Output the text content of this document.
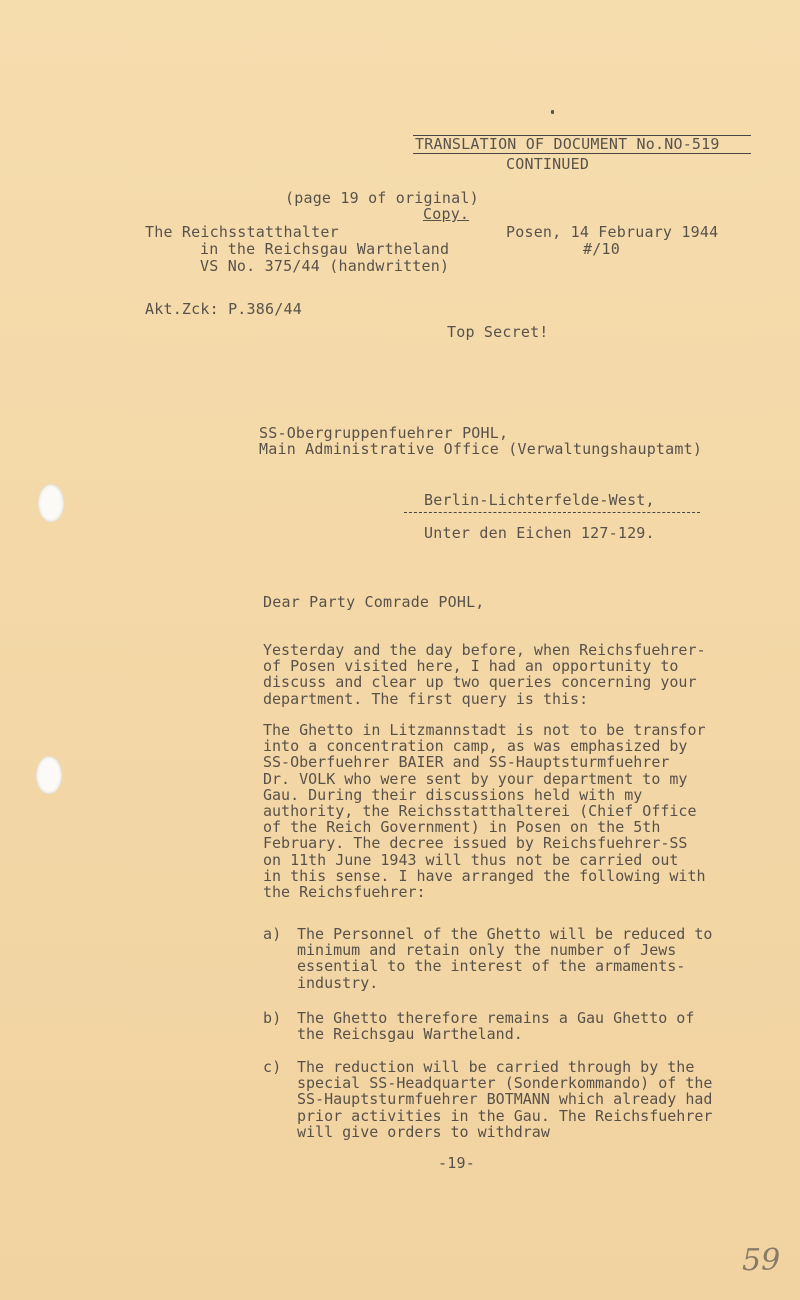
TRANSLATION OF DOCUMENT No.NO-519
CONTINUED
(page 19 of original)
Copy.
The Reichsstatthalter
in the Reichsgau Wartheland
VS No. 375/44 (handwritten)
Posen, 14 February 1944
#/10
Akt.Zck: P.386/44
Top Secret!
SS-Obergruppenfuehrer POHL,
Main Administrative Office (Verwaltungshauptamt)
Berlin-Lichterfelde-West,
Unter den Eichen 127-129.
Dear Party Comrade POHL,
Yesterday and the day before, when Reichsfuehrer-
of Posen visited here, I had an opportunity to
discuss and clear up two queries concerning your
department. The first query is this:
The Ghetto in Litzmannstadt is not to be transfor
into a concentration camp, as was emphasized by
SS-Oberfuehrer BAIER and SS-Hauptsturmfuehrer
Dr. VOLK who were sent by your department to my
Gau. During their discussions held with my
authority, the Reichsstatthalterei (Chief Office
of the Reich Government) in Posen on the 5th
February. The decree issued by Reichsfuehrer-SS
on 11th June 1943 will thus not be carried out
in this sense. I have arranged the following with
the Reichsfuehrer:
a) The Personnel of the Ghetto will be reduced to
minimum and retain only the number of Jews
essential to the interest of the armaments-
industry.
b) The Ghetto therefore remains a Gau Ghetto of
the Reichsgau Wartheland.
c) The reduction will be carried through by the
special SS-Headquarter (Sonderkommando) of the
SS-Hauptsturmfuehrer BOTMANN which already had
prior activities in the Gau. The Reichsfuehrer
will give orders to withdraw
-19-
59
